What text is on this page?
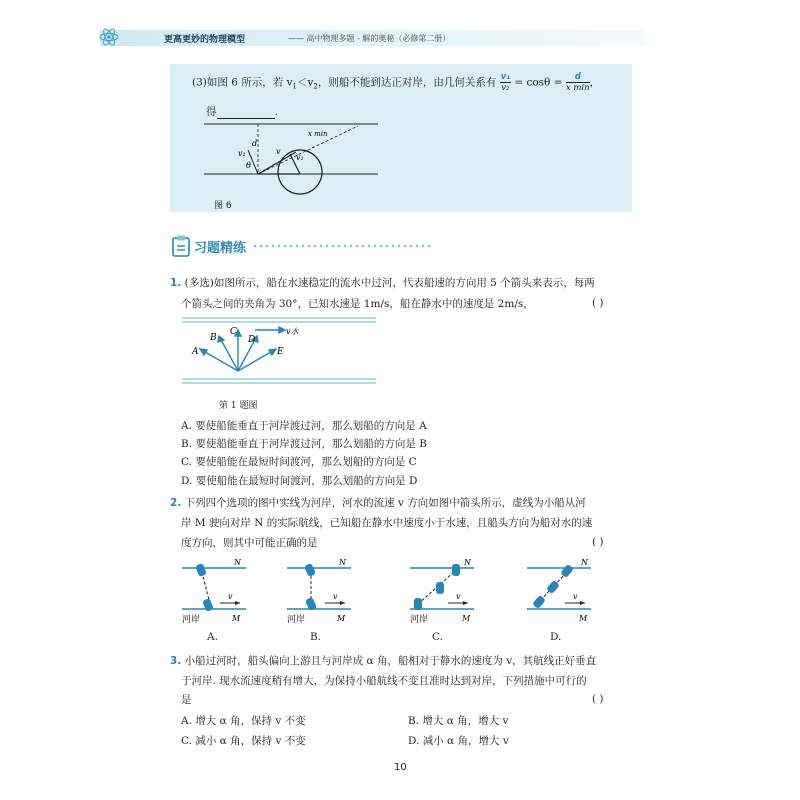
更高更妙的物理模型	—— 高中物理多题 - 解的奥秘（必修第二册）
(3)如图 6 所示，若 $v_1<v_2$，则船不能到达正对岸，由几何关系有 $\frac{\text{v₁}}{\text{v₂}} = \cos\theta = \frac{d}{\text{x min}}$ ，
得	.
d
v₁
θ
v
v₁
x min
图 6
习题精练
1. (多选)如图所示，船在水速稳定的流水中过河，代表船速的方向用 5 个箭头来表示，每两
个箭头之间的夹角为 30°，已知水速是 1m/s，船在静水中的速度是 2m/s，	( )
A
B
C
D
E
v水
第 1 题图
A. 要使船能垂直于河岸渡过河，那么划船的方向是 A
B. 要使船能垂直于河岸渡过河，那么划船的方向是 B
C. 要使船能在最短时间渡河，那么划船的方向是 C
D. 要使船能在最短时间渡河，那么划船的方向是 D
2. 下列四个选项的图中实线为河岸，河水的流速 v 方向如图中箭头所示，虚线为小船从河
岸 M 驶向对岸 N 的实际航线，已知船在静水中速度小于水速，且船头方向为船对水的速
度方向，则其中可能正确的是	( )
v
N
M
河岸
v
N
M
河岸
v
N
M
河岸
v
N
M
A.	B.	C.	D.
3. 小船过河时，船头偏向上游且与河岸成 α 角，船相对于静水的速度为 v，其航线正好垂直
于河岸. 现水流速度稍有增大，为保持小船航线不变且准时达到对岸，下列措施中可行的
是	( )
A. 增大 α 角，保持 v 不变	B. 增大 α 角，增大 v
C. 减小 α 角，保持 v 不变	D. 减小 α 角，增大 v
10
